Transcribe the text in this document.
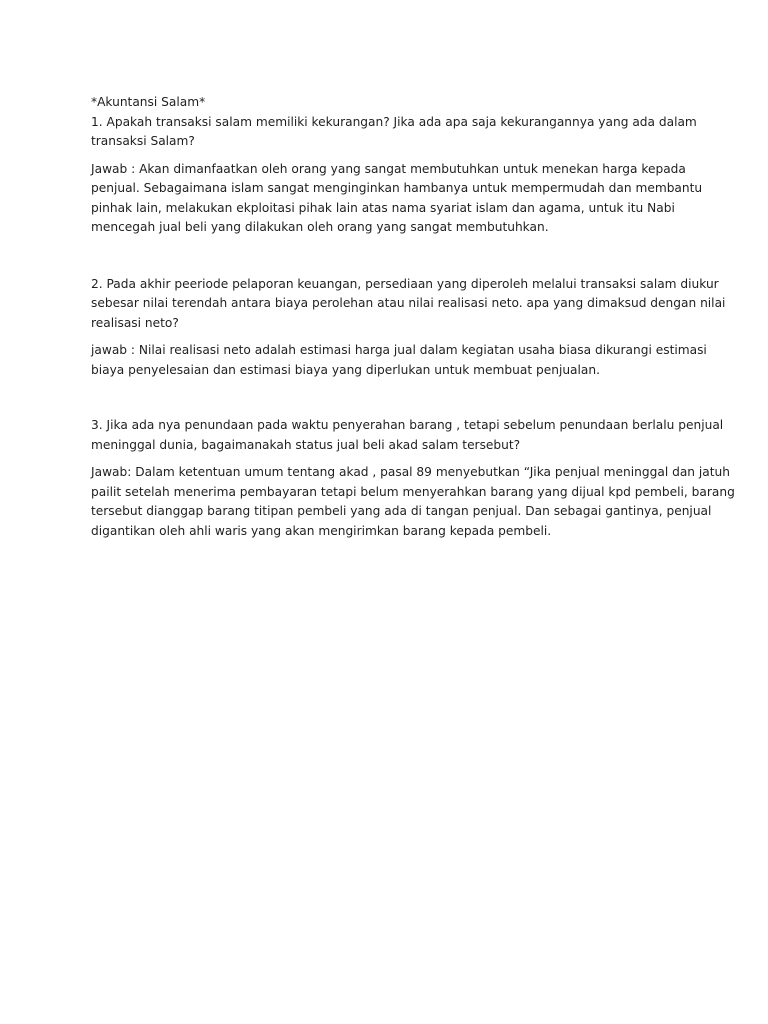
*Akuntansi Salam*

1. Apakah transaksi salam memiliki kekurangan? Jika ada apa saja kekurangannya yang ada dalam

transaksi Salam?

Jawab : Akan dimanfaatkan oleh orang yang sangat membutuhkan untuk menekan harga kepada

penjual. Sebagaimana islam sangat menginginkan hambanya untuk mempermudah dan membantu

pinhak lain, melakukan ekploitasi pihak lain atas nama syariat islam dan agama, untuk itu Nabi

mencegah jual beli yang dilakukan oleh orang yang sangat membutuhkan.

2. Pada akhir peeriode pelaporan keuangan, persediaan yang diperoleh melalui transaksi salam diukur

sebesar nilai terendah antara biaya perolehan atau nilai realisasi neto. apa yang dimaksud dengan nilai

realisasi neto?

jawab : Nilai realisasi neto adalah estimasi harga jual dalam kegiatan usaha biasa dikurangi estimasi

biaya penyelesaian dan estimasi biaya yang diperlukan untuk membuat penjualan.

3. Jika ada nya penundaan pada waktu penyerahan barang , tetapi sebelum penundaan berlalu penjual

meninggal dunia, bagaimanakah status jual beli akad salam tersebut?

Jawab: Dalam ketentuan umum tentang akad , pasal 89 menyebutkan “Jika penjual meninggal dan jatuh

pailit setelah menerima pembayaran tetapi belum menyerahkan barang yang dijual kpd pembeli, barang

tersebut dianggap barang titipan pembeli yang ada di tangan penjual. Dan sebagai gantinya, penjual

digantikan oleh ahli waris yang akan mengirimkan barang kepada pembeli.
